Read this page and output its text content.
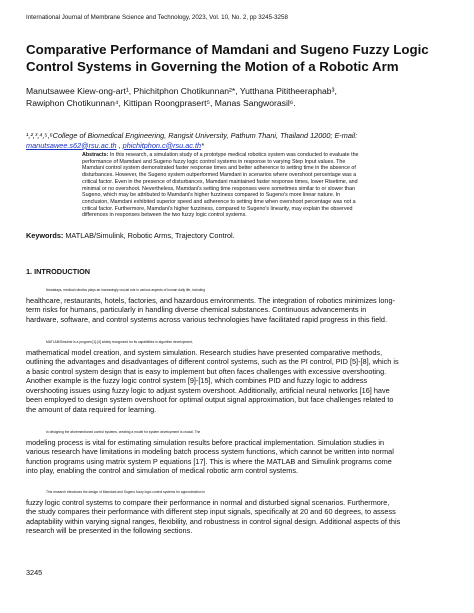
International Journal of Membrane Science and Technology, 2023, Vol. 10, No. 2, pp 3245-3258
Comparative Performance of Mamdani and Sugeno Fuzzy Logic
Control Systems in Governing the Motion of a Robotic Arm
Manutsawee Kiew-ong-art¹, Phichitphon Chotikunnan²*, Yutthana Pititheeraphab³,
Rawiphon Chotikunnan⁴, Kittipan Roongprasert⁵, Manas Sangworasil⁶.
¹,²,³,⁴,⁵,⁶College of Biomedical Engineering, Rangsit University, Pathum Thani, Thailand 12000; E-mail:
manutsawee.s62@rsu.ac.th , phichitphon.c@rsu.ac.th*
Abstracts: In this research, a simulation study of a prototype medical robotics system was conducted to evaluate the
performance of Mamdani and Sugeno fuzzy logic control systems in response to varying Step Input values. The
Mamdani control system demonstrated faster response times and better adherence to setting time in the absence of
disturbances. However, the Sugeno system outperformed Mamdani in scenarios where overshoot percentage was a
critical factor. Even in the presence of disturbances, Mamdani maintained faster response times, lower Risetime, and
minimal or no overshoot. Nevertheless, Mamdani's setting time responses were sometimes similar to or slower than
Sugeno, which may be attributed to Mamdani's higher fuzziness compared to Sugeno's more linear nature. In
conclusion, Mamdani exhibited superior speed and adherence to setting time when overshoot percentage was not a
critical factor. Furthermore, Mamdani's higher fuzziness, compared to Sugeno's linearity, may explain the observed
differences in responses between the two fuzzy logic control systems.
Keywords: MATLAB/Simulink, Robotic Arms, Trajectory Control.
1. INTRODUCTION
Nowadays, medical robotics plays an increasingly crucial role in various aspects of human daily life, including
healthcare, restaurants, hotels, factories, and hazardous environments. The integration of robotics minimizes long-
term risks for humans, particularly in handling diverse chemical substances. Continuous advancements in
hardware, software, and control systems across various technologies have facilitated rapid progress in this field.
MATLAB/Simulink is a program [1]-[4] widely recognized for its capabilities in algorithm development,
mathematical model creation, and system simulation. Research studies have presented comparative methods,
outlining the advantages and disadvantages of different control systems, such as the PI control, PID [5]-[8], which is
a basic control system design that is easy to implement but often faces challenges with excessive overshooting.
Another example is the fuzzy logic control system [9]-[15], which combines PID and fuzzy logic to address
overshooting issues using fuzzy logic to adjust system overshoot. Additionally, artificial neural networks [16] have
been employed to design system overshoot for optimal output signal approximation, but face challenges related to
the amount of data required for learning.
In designing the aforementioned control systems, creating a model for system development is crucial. The
modeling process is vital for estimating simulation results before practical implementation. Simulation studies in
various research have limitations in modeling batch process system functions, which cannot be written into normal
function programs using matrix system P equations [17]. This is where the MATLAB and Simulink programs come
into play, enabling the control and simulation of medical robotic arm control systems.
This research introduces the design of Mamdani and Sugeno fuzzy logic control systems for approximation in
fuzzy logic control systems to compare their performance in normal and disturbed signal scenarios. Furthermore,
the study compares their performance with different step input signals, specifically at 20 and 60 degrees, to assess
adaptability within varying signal ranges, flexibility, and robustness in control signal design. Additional aspects of this
research will be presented in the following sections.
3245
